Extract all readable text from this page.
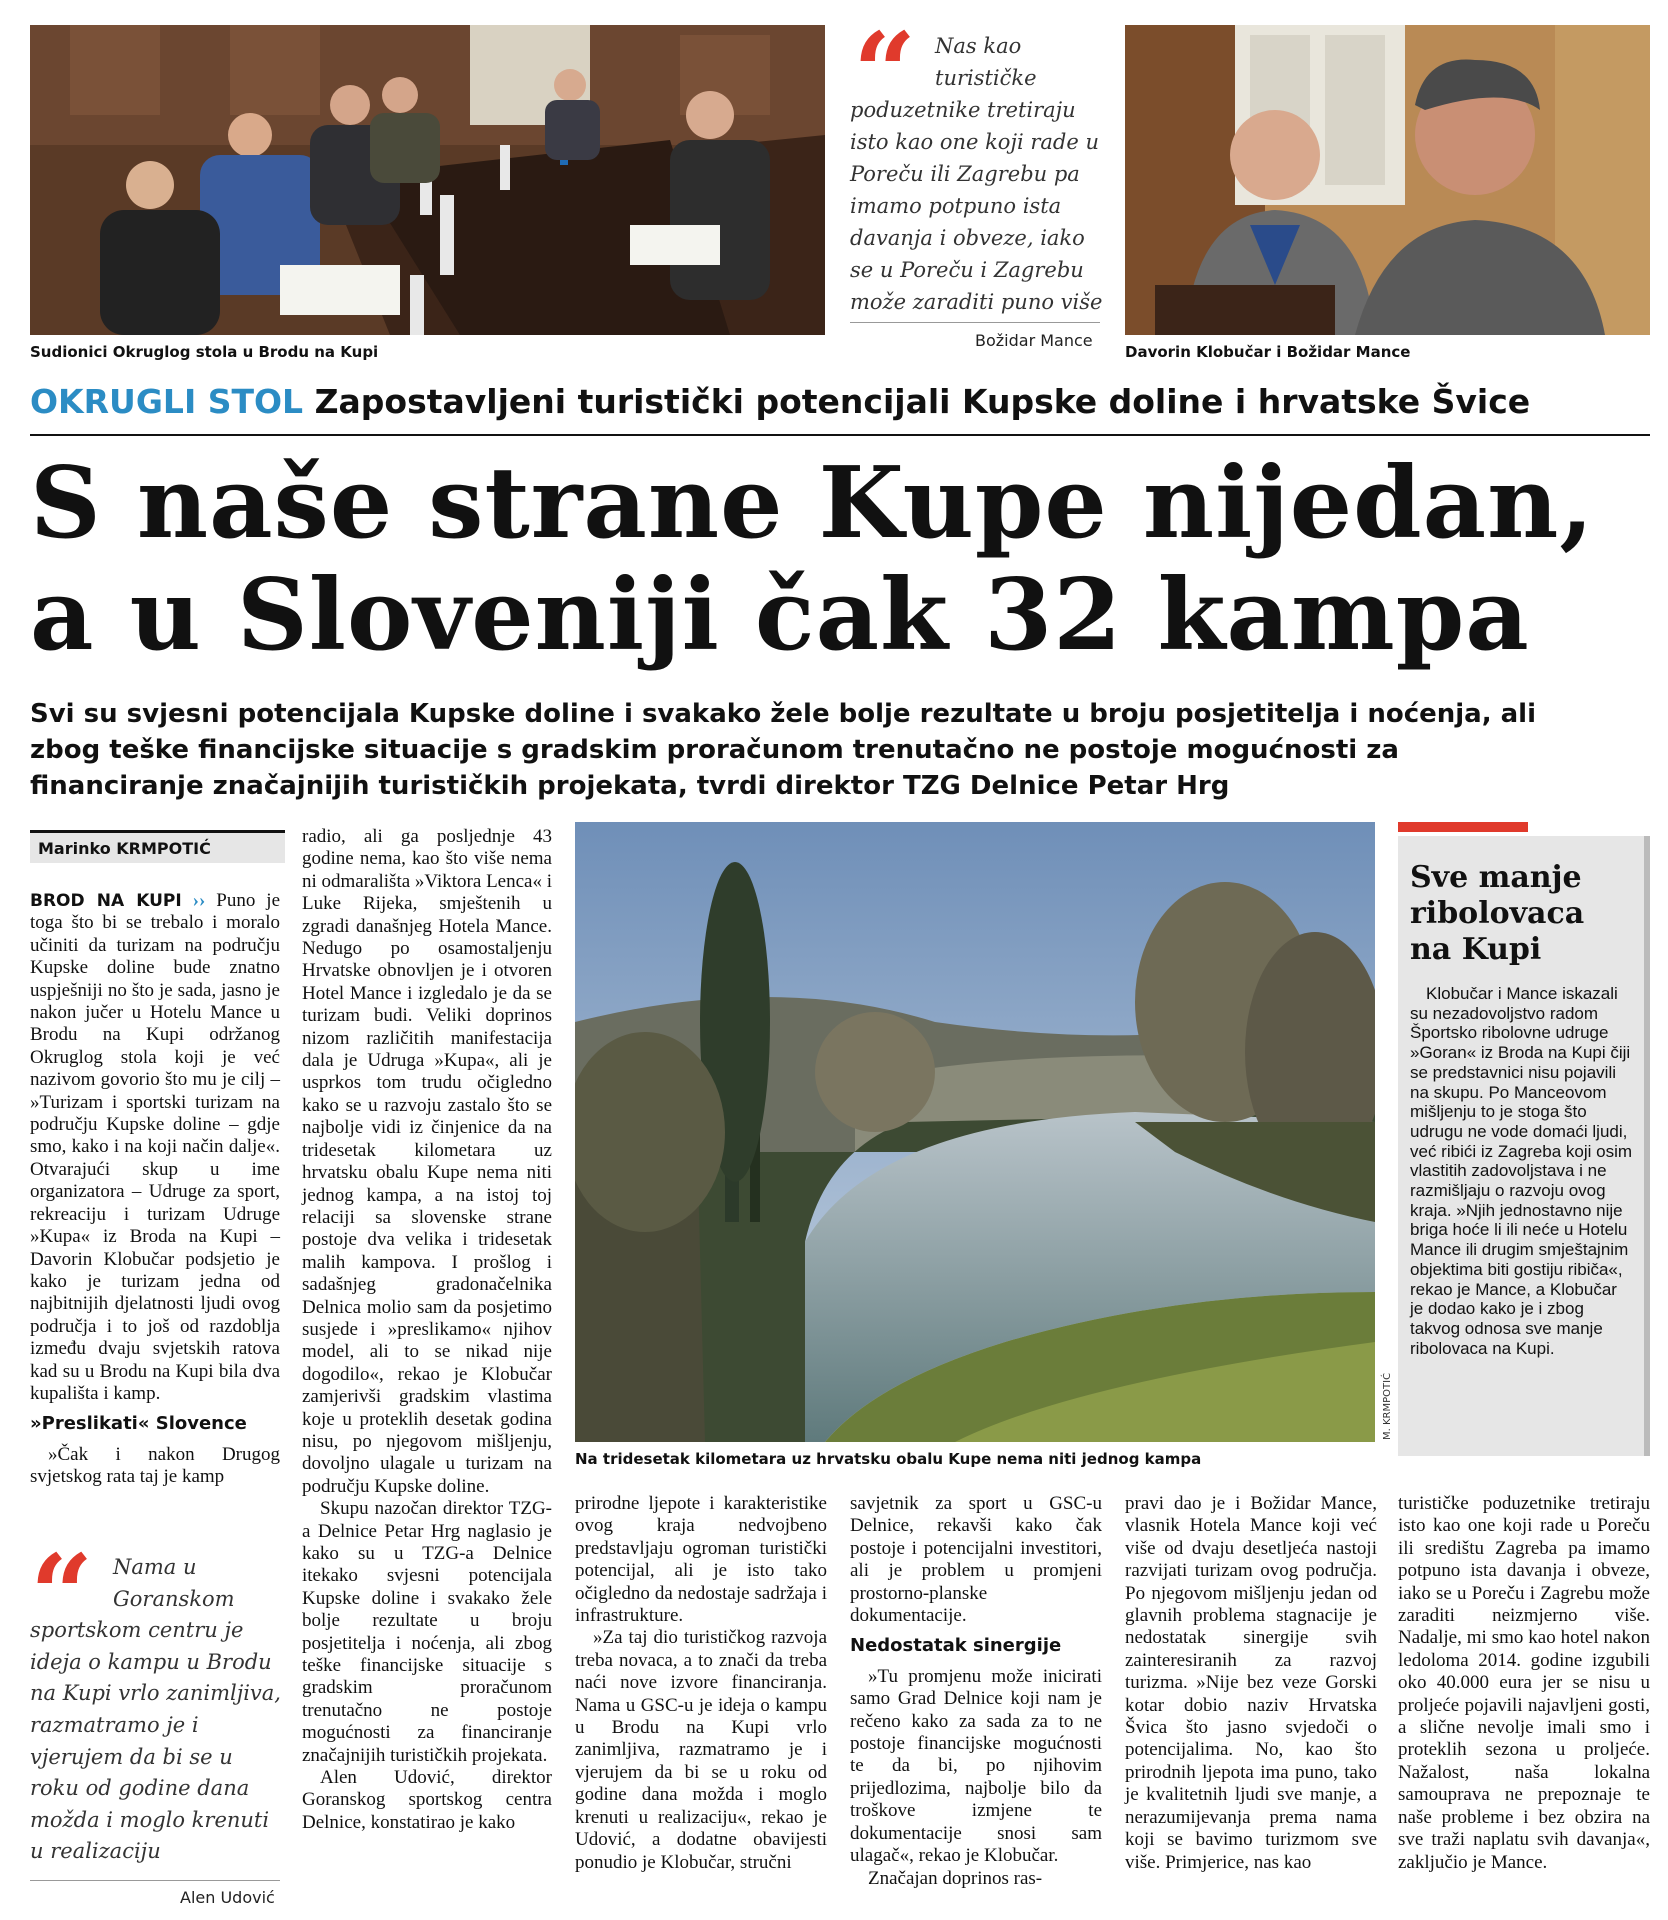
Sudionici Okruglog stola u Brodu na Kupi
“ Nas kao
turističke
poduzetnike tretiraju
isto kao one koji rade u
Poreču ili Zagrebu pa
imamo potpuno ista
davanja i obveze, iako
se u Poreču i Zagrebu
može zaraditi puno više
Božidar Mance
Davorin Klobučar i Božidar Mance
OKRUGLI STOL Zapostavljeni turistički potencijali Kupske doline i hrvatske Švice
S naše strane Kupe nijedan,
a u Sloveniji čak 32 kampa
Svi su svjesni potencijala Kupske doline i svakako žele bolje rezultate u broju posjetitelja i noćenja, ali
zbog teške financijske situacije s gradskim proračunom trenutačno ne postoje mogućnosti za
financiranje značajnijih turističkih projekata, tvrdi direktor TZG Delnice Petar Hrg
Marinko KRMPOTIĆ

BROD NA KUPI ›› Puno je toga što bi se trebalo i moralo učiniti da turizam na području Kupske doline bude znatno uspješniji no što je sada, jasno je nakon jučer u Hotelu Mance u Brodu na Kupi održanog Okruglog stola koji je već nazivom govorio što mu je cilj – »Turizam i sportski turizam na području Kupske doline – gdje smo, kako i na koji način dalje«. Otvarajući skup u ime organizatora – Udruge za sport, rekreaciju i turizam Udruge »Kupa« iz Broda na Kupi – Davorin Klobučar podsjetio je kako je turizam jedna od najbitnijih djelatnosti ljudi ovog područja i to još od razdoblja između dvaju svjetskih ratova kad su u Brodu na Kupi bila dva kupališta i kamp.

»Preslikati« Slovence

»Čak i nakon Drugog svjetskog rata taj je kamp

“ Nama u
Goranskom
sportskom centru je
ideja o kampu u Brodu
na Kupi vrlo zanimljiva,
razmatramo je i
vjerujem da bi se u
roku od godine dana
možda i moglo krenuti
u realizaciju
Alen Udović

radio, ali ga posljednje 43 godine nema, kao što više nema ni odmarališta »Viktora Lenca« i Luke Rijeka, smještenih u zgradi današnjeg Hotela Mance. Nedugo po osamostaljenju Hrvatske obnovljen je i otvoren Hotel Mance i izgledalo je da se turizam budi. Veliki doprinos nizom različitih manifestacija dala je Udruga »Kupa«, ali je usprkos tom trudu očigledno kako se u razvoju zastalo što se najbolje vidi iz činjenice da na tridesetak kilometara uz hrvatsku obalu Kupe nema niti jednog kampa, a na istoj toj relaciji sa slovenske strane postoje dva velika i tridesetak malih kampova. I prošlog i sadašnjeg gradonačelnika Delnica molio sam da posjetimo susjede i »preslikamo« njihov model, ali to se nikad nije dogodilo«, rekao je Klobučar zamjerivši gradskim vlastima koje u proteklih desetak godina nisu, po njegovom mišljenju, dovoljno ulagale u turizam na području Kupske doline.

Skupu nazočan direktor TZG-a Delnice Petar Hrg naglasio je kako su u TZG-a Delnice itekako svjesni potencijala Kupske doline i svakako žele bolje rezultate u broju posjetitelja i noćenja, ali zbog teške financijske situacije s gradskim proračunom trenutačno ne postoje mogućnosti za financiranje značajnijih turističkih projekata.

Alen Udović, direktor Goranskog sportskog centra Delnice, konstatirao je kako

M. KRMPOTIĆ
Na tridesetak kilometara uz hrvatsku obalu Kupe nema niti jednog kampa
Sve manje
ribolovaca
na Kupi
Klobučar i Mance iskazali su nezadovoljstvo radom Športsko ribolovne udruge »Goran« iz Broda na Kupi čiji se predstavnici nisu pojavili na skupu. Po Manceovom mišljenju to je stoga što udrugu ne vode domaći ljudi, već ribići iz Zagreba koji osim vlastitih zadovoljstava i ne razmišljaju o razvoju ovog kraja. »Njih jednostavno nije briga hoće li ili neće u Hotelu Mance ili drugim smještajnim objektima biti gostiju ribiča«, rekao je Mance, a Klobučar je dodao kako je i zbog takvog odnosa sve manje ribolovaca na Kupi.

prirodne ljepote i karakteristike ovog kraja nedvojbeno predstavljaju ogroman turistički potencijal, ali je isto tako očigledno da nedostaje sadržaja i infrastrukture.

»Za taj dio turističkog razvoja treba novaca, a to znači da treba naći nove izvore financiranja. Nama u GSC-u je ideja o kampu u Brodu na Kupi vrlo zanimljiva, razmatramo je i vjerujem da bi se u roku od godine dana možda i moglo krenuti u realizaciju«, rekao je Udović, a dodatne obavijesti ponudio je Klobučar, stručni

savjetnik za sport u GSC-u Delnice, rekavši kako čak postoje i potencijalni investitori, ali je problem u promjeni prostorno-planske dokumentacije.

Nedostatak sinergije

»Tu promjenu može inicirati samo Grad Delnice koji nam je rečeno kako za sada za to ne postoje financijske mogućnosti te da bi, po njihovim prijedlozima, najbolje bilo da troškove izmjene te dokumentacije snosi sam ulagač«, rekao je Klobučar.

Značajan doprinos ras-

pravi dao je i Božidar Mance, vlasnik Hotela Mance koji već više od dvaju desetljeća nastoji razvijati turizam ovog područja. Po njegovom mišljenju jedan od glavnih problema stagnacije je nedostatak sinergije svih zainteresiranih za razvoj turizma. »Nije bez veze Gorski kotar dobio naziv Hrvatska Švica što jasno svjedoči o potencijalima. No, kao što prirodnih ljepota ima puno, tako je kvalitetnih ljudi sve manje, a nerazumijevanja prema nama koji se bavimo turizmom sve više. Primjerice, nas kao

turističke poduzetnike tretiraju isto kao one koji rade u Poreču ili središtu Zagreba pa imamo potpuno ista davanja i obveze, iako se u Poreču i Zagrebu može zaraditi neizmjerno više. Nadalje, mi smo kao hotel nakon ledoloma 2014. godine izgubili oko 40.000 eura jer se nisu u proljeće pojavili najavljeni gosti, a slične nevolje imali smo i proteklih sezona u proljeće. Nažalost, naša lokalna samouprava ne prepoznaje te naše probleme i bez obzira na sve traži naplatu svih davanja«, zaključio je Mance.
